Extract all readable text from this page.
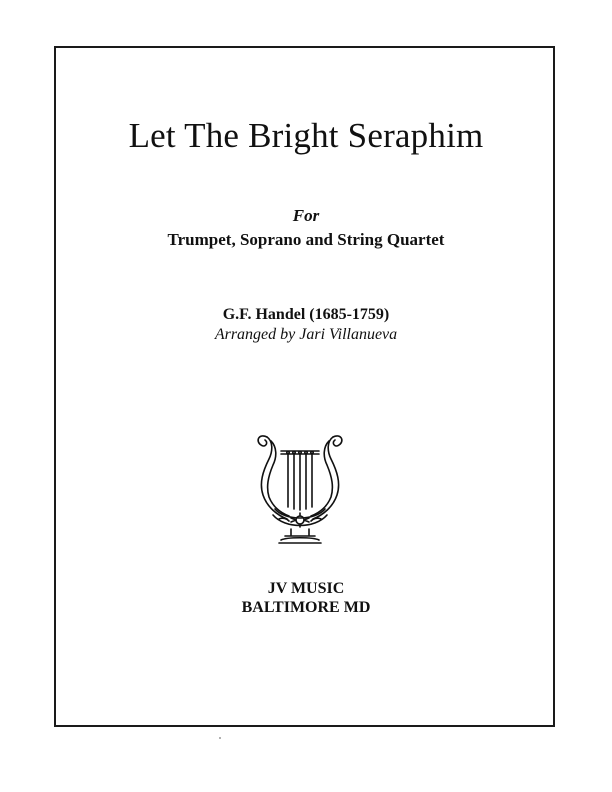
Let The Bright Seraphim
For
Trumpet, Soprano and String Quartet
G.F. Handel (1685-1759)
Arranged by Jari Villanueva
JV MUSIC
BALTIMORE MD
